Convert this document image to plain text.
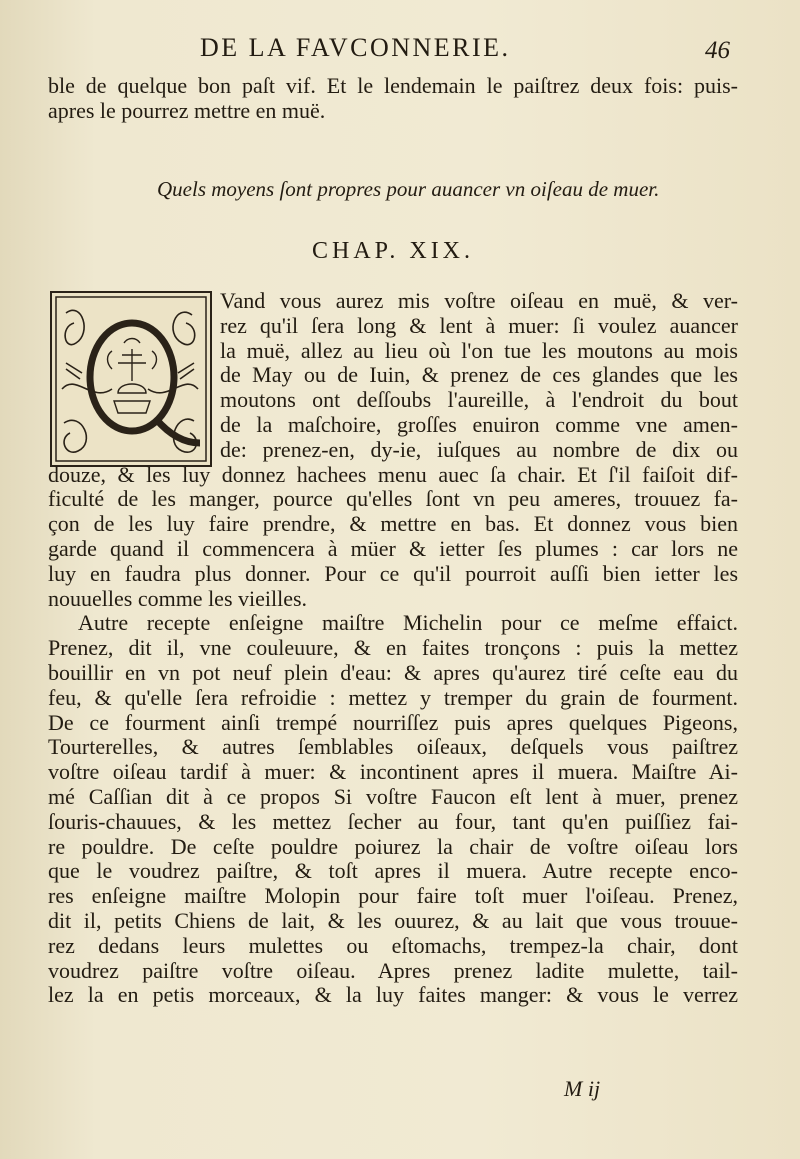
DE LA FAVCONNERIE.	46
ble de quelque bon paſt vif. Et le lendemain le paiſtrez deux fois: puis-
apres le pourrez mettre en muë.
Quels moyens ſont propres pour auancer vn oiſeau de muer.
CHAP. XIX.
Vand vous aurez mis voſtre oiſeau en muë, & ver-
rez qu'il ſera long & lent à muer: ſi voulez auancer
la muë, allez au lieu où l'on tue les moutons au mois
de May ou de Iuin, & prenez de ces glandes que les
moutons ont deſſoubs l'aureille, à l'endroit du bout
de la maſchoire, groſſes enuiron comme vne amen-
de: prenez-en, dy-ie, iuſques au nombre de dix ou
douze, & les luy donnez hachees menu auec ſa chair. Et ſ'il faiſoit dif-
ficulté de les manger, pource qu'elles ſont vn peu ameres, trouuez fa-
çon de les luy faire prendre, & mettre en bas. Et donnez vous bien
garde quand il commencera à müer & ietter ſes plumes : car lors ne
luy en faudra plus donner. Pour ce qu'il pourroit auſſi bien ietter les
nouuelles comme les vieilles.
Autre recepte enſeigne maiſtre Michelin pour ce meſme effaict.
Prenez, dit il, vne couleuure, & en faites tronçons : puis la mettez
bouillir en vn pot neuf plein d'eau: & apres qu'aurez tiré ceſte eau du
feu, & qu'elle ſera refroidie : mettez y tremper du grain de fourment.
De ce fourment ainſi trempé nourriſſez puis apres quelques Pigeons,
Tourterelles, & autres ſemblables oiſeaux, deſquels vous paiſtrez
voſtre oiſeau tardif à muer: & incontinent apres il muera. Maiſtre Ai-
mé Caſſian dit à ce propos Si voſtre Faucon eſt lent à muer, prenez
ſouris-chauues, & les mettez ſecher au four, tant qu'en puiſſiez fai-
re pouldre. De ceſte pouldre poiurez la chair de voſtre oiſeau lors
que le voudrez paiſtre, & toſt apres il muera. Autre recepte enco-
res enſeigne maiſtre Molopin pour faire toſt muer l'oiſeau. Prenez,
dit il, petits Chiens de lait, & les ouurez, & au lait que vous trouue-
rez dedans leurs mulettes ou eſtomachs, trempez-la chair, dont
voudrez paiſtre voſtre oiſeau. Apres prenez ladite mulette, tail-
lez la en petis morceaux, & la luy faites manger: & vous le verrez
M ij
